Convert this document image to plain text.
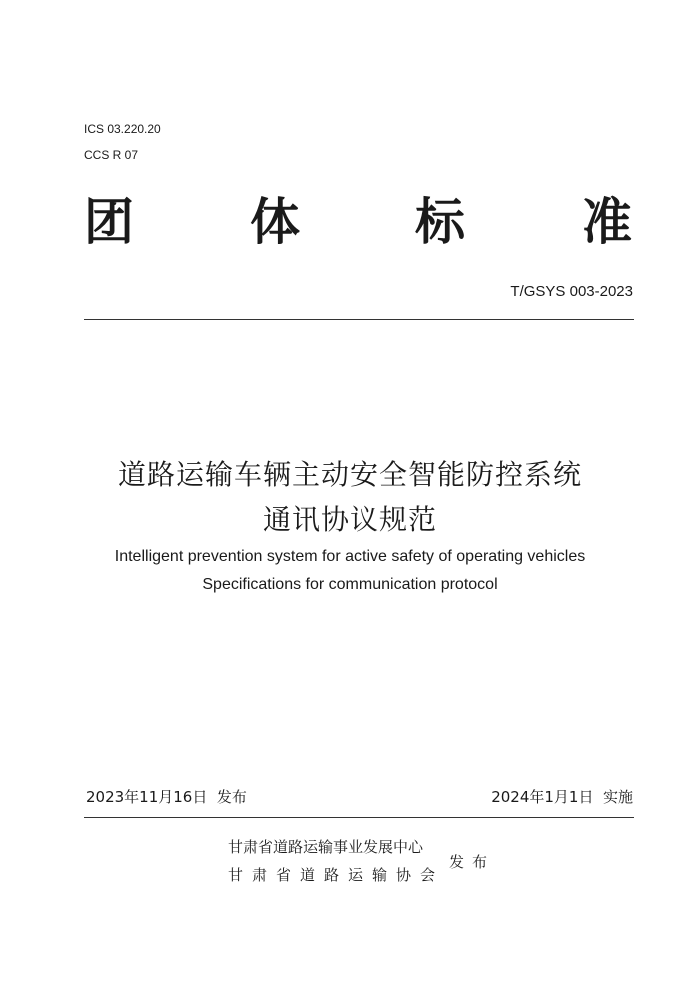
ICS 03.220.20
CCS R 07
团 体 标 准
T/GSYS 003-2023
道路运输车辆主动安全智能防控系统
通讯协议规范
Intelligent prevention system for active safety of operating vehicles
Specifications for communication protocol
2023年11月16日  发布	2024年1月1日  实施
甘肃省道路运输事业发展中心
甘肃省道路运输协会
发布
